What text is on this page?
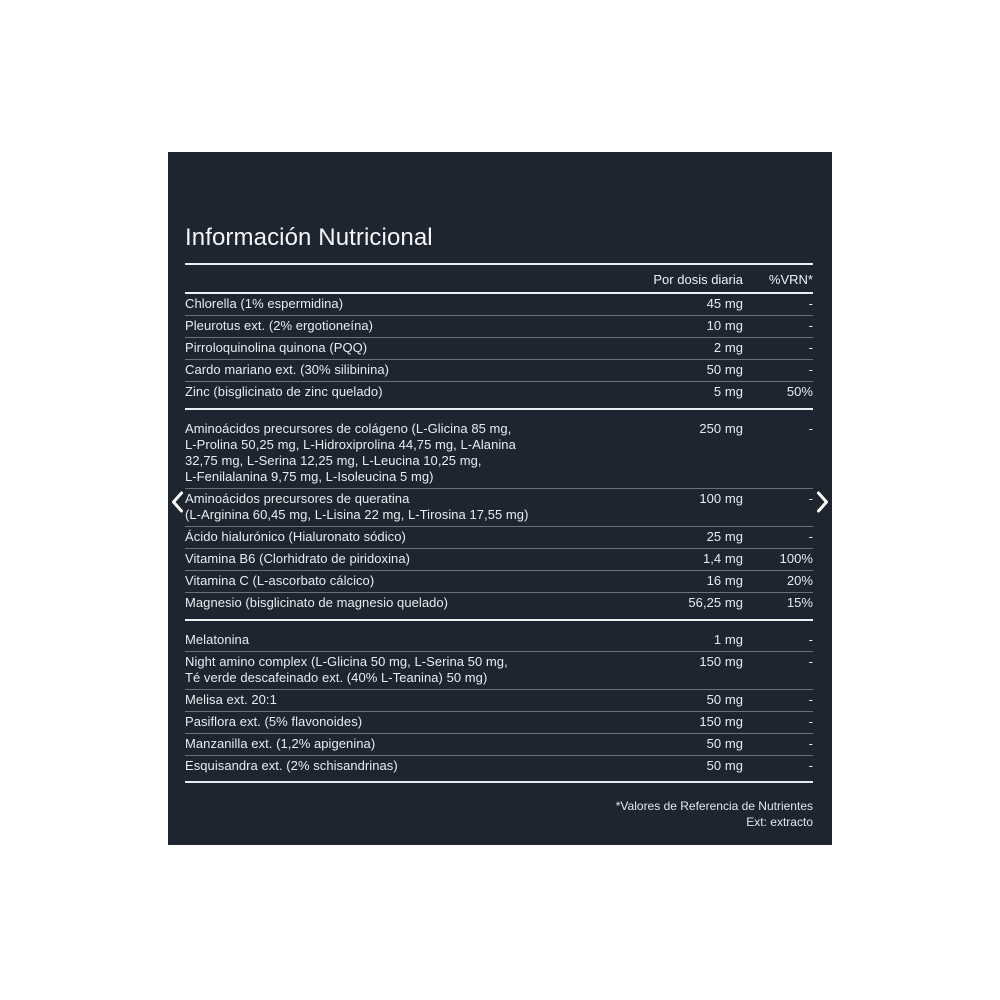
Información Nutricional
Por dosis diaria	%VRN*
Chlorella (1% espermidina)	45 mg	-
Pleurotus ext. (2% ergotioneína)	10 mg	-
Pirroloquinolina quinona (PQQ)	2 mg	-
Cardo mariano ext. (30% silibinina)	50 mg	-
Zinc (bisglicinato de zinc quelado)	5 mg	50%
Aminoácidos precursores de colágeno (L-Glicina 85 mg,
L-Prolina 50,25 mg, L-Hidroxiprolina 44,75 mg, L-Alanina
32,75 mg, L-Serina 12,25 mg, L-Leucina 10,25 mg,
L-Fenilalanina 9,75 mg, L-Isoleucina 5 mg)
250 mg	-
Aminoácidos precursores de queratina
(L-Arginina 60,45 mg, L-Lisina 22 mg, L-Tirosina 17,55 mg)
100 mg	-
Ácido hialurónico (Hialuronato sódico)	25 mg	-
Vitamina B6 (Clorhidrato de piridoxina)	1,4 mg	100%
Vitamina C (L-ascorbato cálcico)	16 mg	20%
Magnesio (bisglicinato de magnesio quelado)	56,25 mg	15%
Melatonina	1 mg	-
Night amino complex (L-Glicina 50 mg, L-Serina 50 mg,
Té verde descafeinado ext. (40% L-Teanina) 50 mg)
150 mg	-
Melisa ext. 20:1	50 mg	-
Pasiflora ext. (5% flavonoides)	150 mg	-
Manzanilla ext. (1,2% apigenina)	50 mg	-
Esquisandra ext. (2% schisandrinas)	50 mg	-
*Valores de Referencia de Nutrientes
Ext: extracto
